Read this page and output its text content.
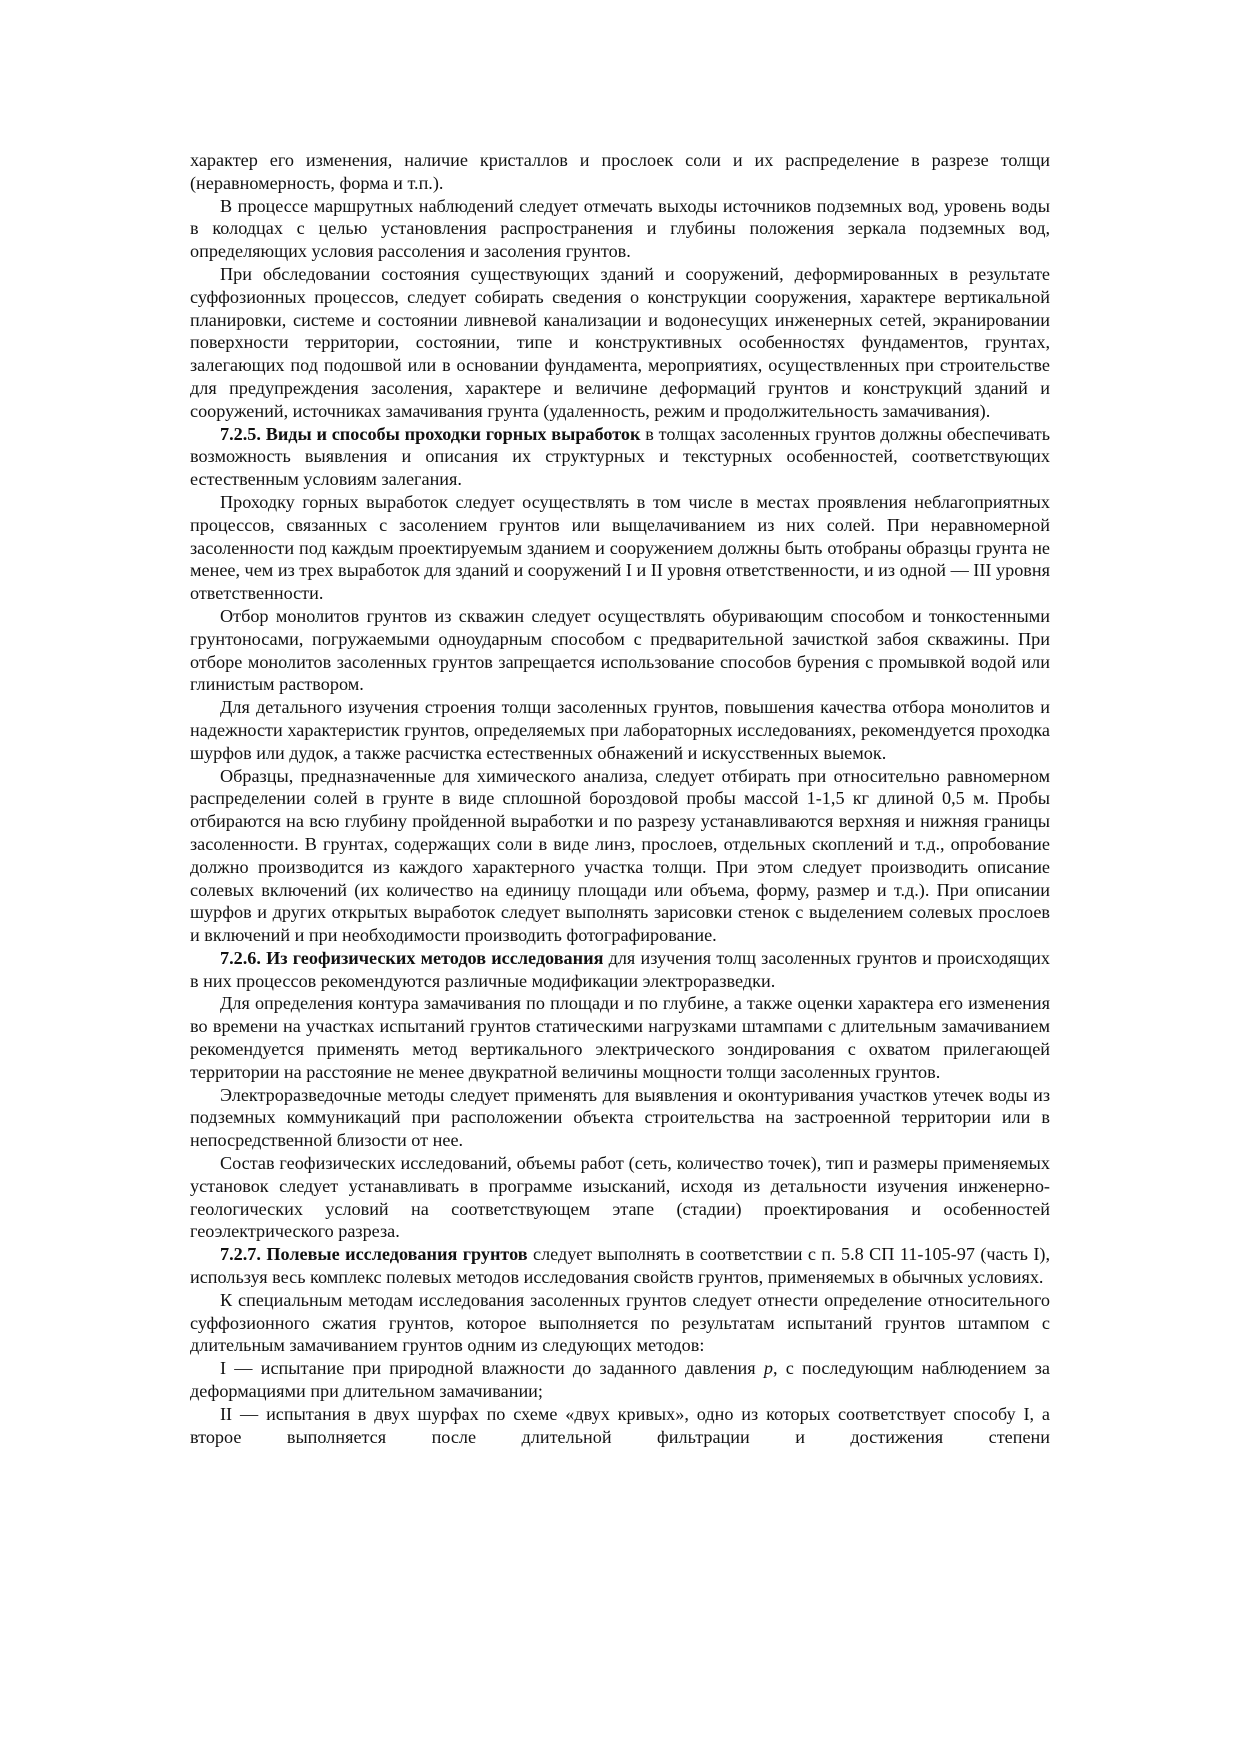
характер его изменения, наличие кристаллов и прослоек соли и их распределение в разрезе толщи (неравномерность, форма и т.п.).

В процессе маршрутных наблюдений следует отмечать выходы источников подземных вод, уровень воды в колодцах с целью установления распространения и глубины положения зеркала подземных вод, определяющих условия рассоления и засоления грунтов.

При обследовании состояния существующих зданий и сооружений, деформированных в результате суффозионных процессов, следует собирать сведения о конструкции сооружения, характере вертикальной планировки, системе и состоянии ливневой канализации и водонесущих инженерных сетей, экранировании поверхности территории, состоянии, типе и конструктивных особенностях фундаментов, грунтах, залегающих под подошвой или в основании фундамента, мероприятиях, осуществленных при строительстве для предупреждения засоления, характере и величине деформаций грунтов и конструкций зданий и сооружений, источниках замачивания грунта (удаленность, режим и продолжительность замачивания).

7.2.5. Виды и способы проходки горных выработок в толщах засоленных грунтов должны обеспечивать возможность выявления и описания их структурных и текстурных особенностей, соответствующих естественным условиям залегания.

Проходку горных выработок следует осуществлять в том числе в местах проявления неблагоприятных процессов, связанных с засолением грунтов или выщелачиванием из них солей. При неравномерной засоленности под каждым проектируемым зданием и сооружением должны быть отобраны образцы грунта не менее, чем из трех выработок для зданий и сооружений I и II уровня ответственности, и из одной — III уровня ответственности.

Отбор монолитов грунтов из скважин следует осуществлять обуривающим способом и тонкостенными грунтоносами, погружаемыми одноударным способом с предварительной зачисткой забоя скважины. При отборе монолитов засоленных грунтов запрещается использование способов бурения с промывкой водой или глинистым раствором.

Для детального изучения строения толщи засоленных грунтов, повышения качества отбора монолитов и надежности характеристик грунтов, определяемых при лабораторных исследованиях, рекомендуется проходка шурфов или дудок, а также расчистка естественных обнажений и искусственных выемок.

Образцы, предназначенные для химического анализа, следует отбирать при относительно равномерном распределении солей в грунте в виде сплошной бороздовой пробы массой 1-1,5 кг длиной 0,5 м. Пробы отбираются на всю глубину пройденной выработки и по разрезу устанавливаются верхняя и нижняя границы засоленности. В грунтах, содержащих соли в виде линз, прослоев, отдельных скоплений и т.д., опробование должно производится из каждого характерного участка толщи. При этом следует производить описание солевых включений (их количество на единицу площади или объема, форму, размер и т.д.). При описании шурфов и других открытых выработок следует выполнять зарисовки стенок с выделением солевых прослоев и включений и при необходимости производить фотографирование.

7.2.6. Из геофизических методов исследования для изучения толщ засоленных грунтов и происходящих в них процессов рекомендуются различные модификации электроразведки.

Для определения контура замачивания по площади и по глубине, а также оценки характера его изменения во времени на участках испытаний грунтов статическими нагрузками штампами с длительным замачиванием рекомендуется применять метод вертикального электрического зондирования с охватом прилегающей территории на расстояние не менее двукратной величины мощности толщи засоленных грунтов.

Электроразведочные методы следует применять для выявления и оконтуривания участков утечек воды из подземных коммуникаций при расположении объекта строительства на застроенной территории или в непосредственной близости от нее.

Состав геофизических исследований, объемы работ (сеть, количество точек), тип и размеры применяемых установок следует устанавливать в программе изысканий, исходя из детальности изучения инженерно-геологических условий на соответствующем этапе (стадии) проектирования и особенностей геоэлектрического разреза.

7.2.7. Полевые исследования грунтов следует выполнять в соответствии с п. 5.8 СП 11-105-97 (часть I), используя весь комплекс полевых методов исследования свойств грунтов, применяемых в обычных условиях.

К специальным методам исследования засоленных грунтов следует отнести определение относительного суффозионного сжатия грунтов, которое выполняется по результатам испытаний грунтов штампом с длительным замачиванием грунтов одним из следующих методов:

I — испытание при природной влажности до заданного давления p, с последующим наблюдением за деформациями при длительном замачивании;

II — испытания в двух шурфах по схеме «двух кривых», одно из которых соответствует способу I, а второе выполняется после длительной фильтрации и достижения степени
